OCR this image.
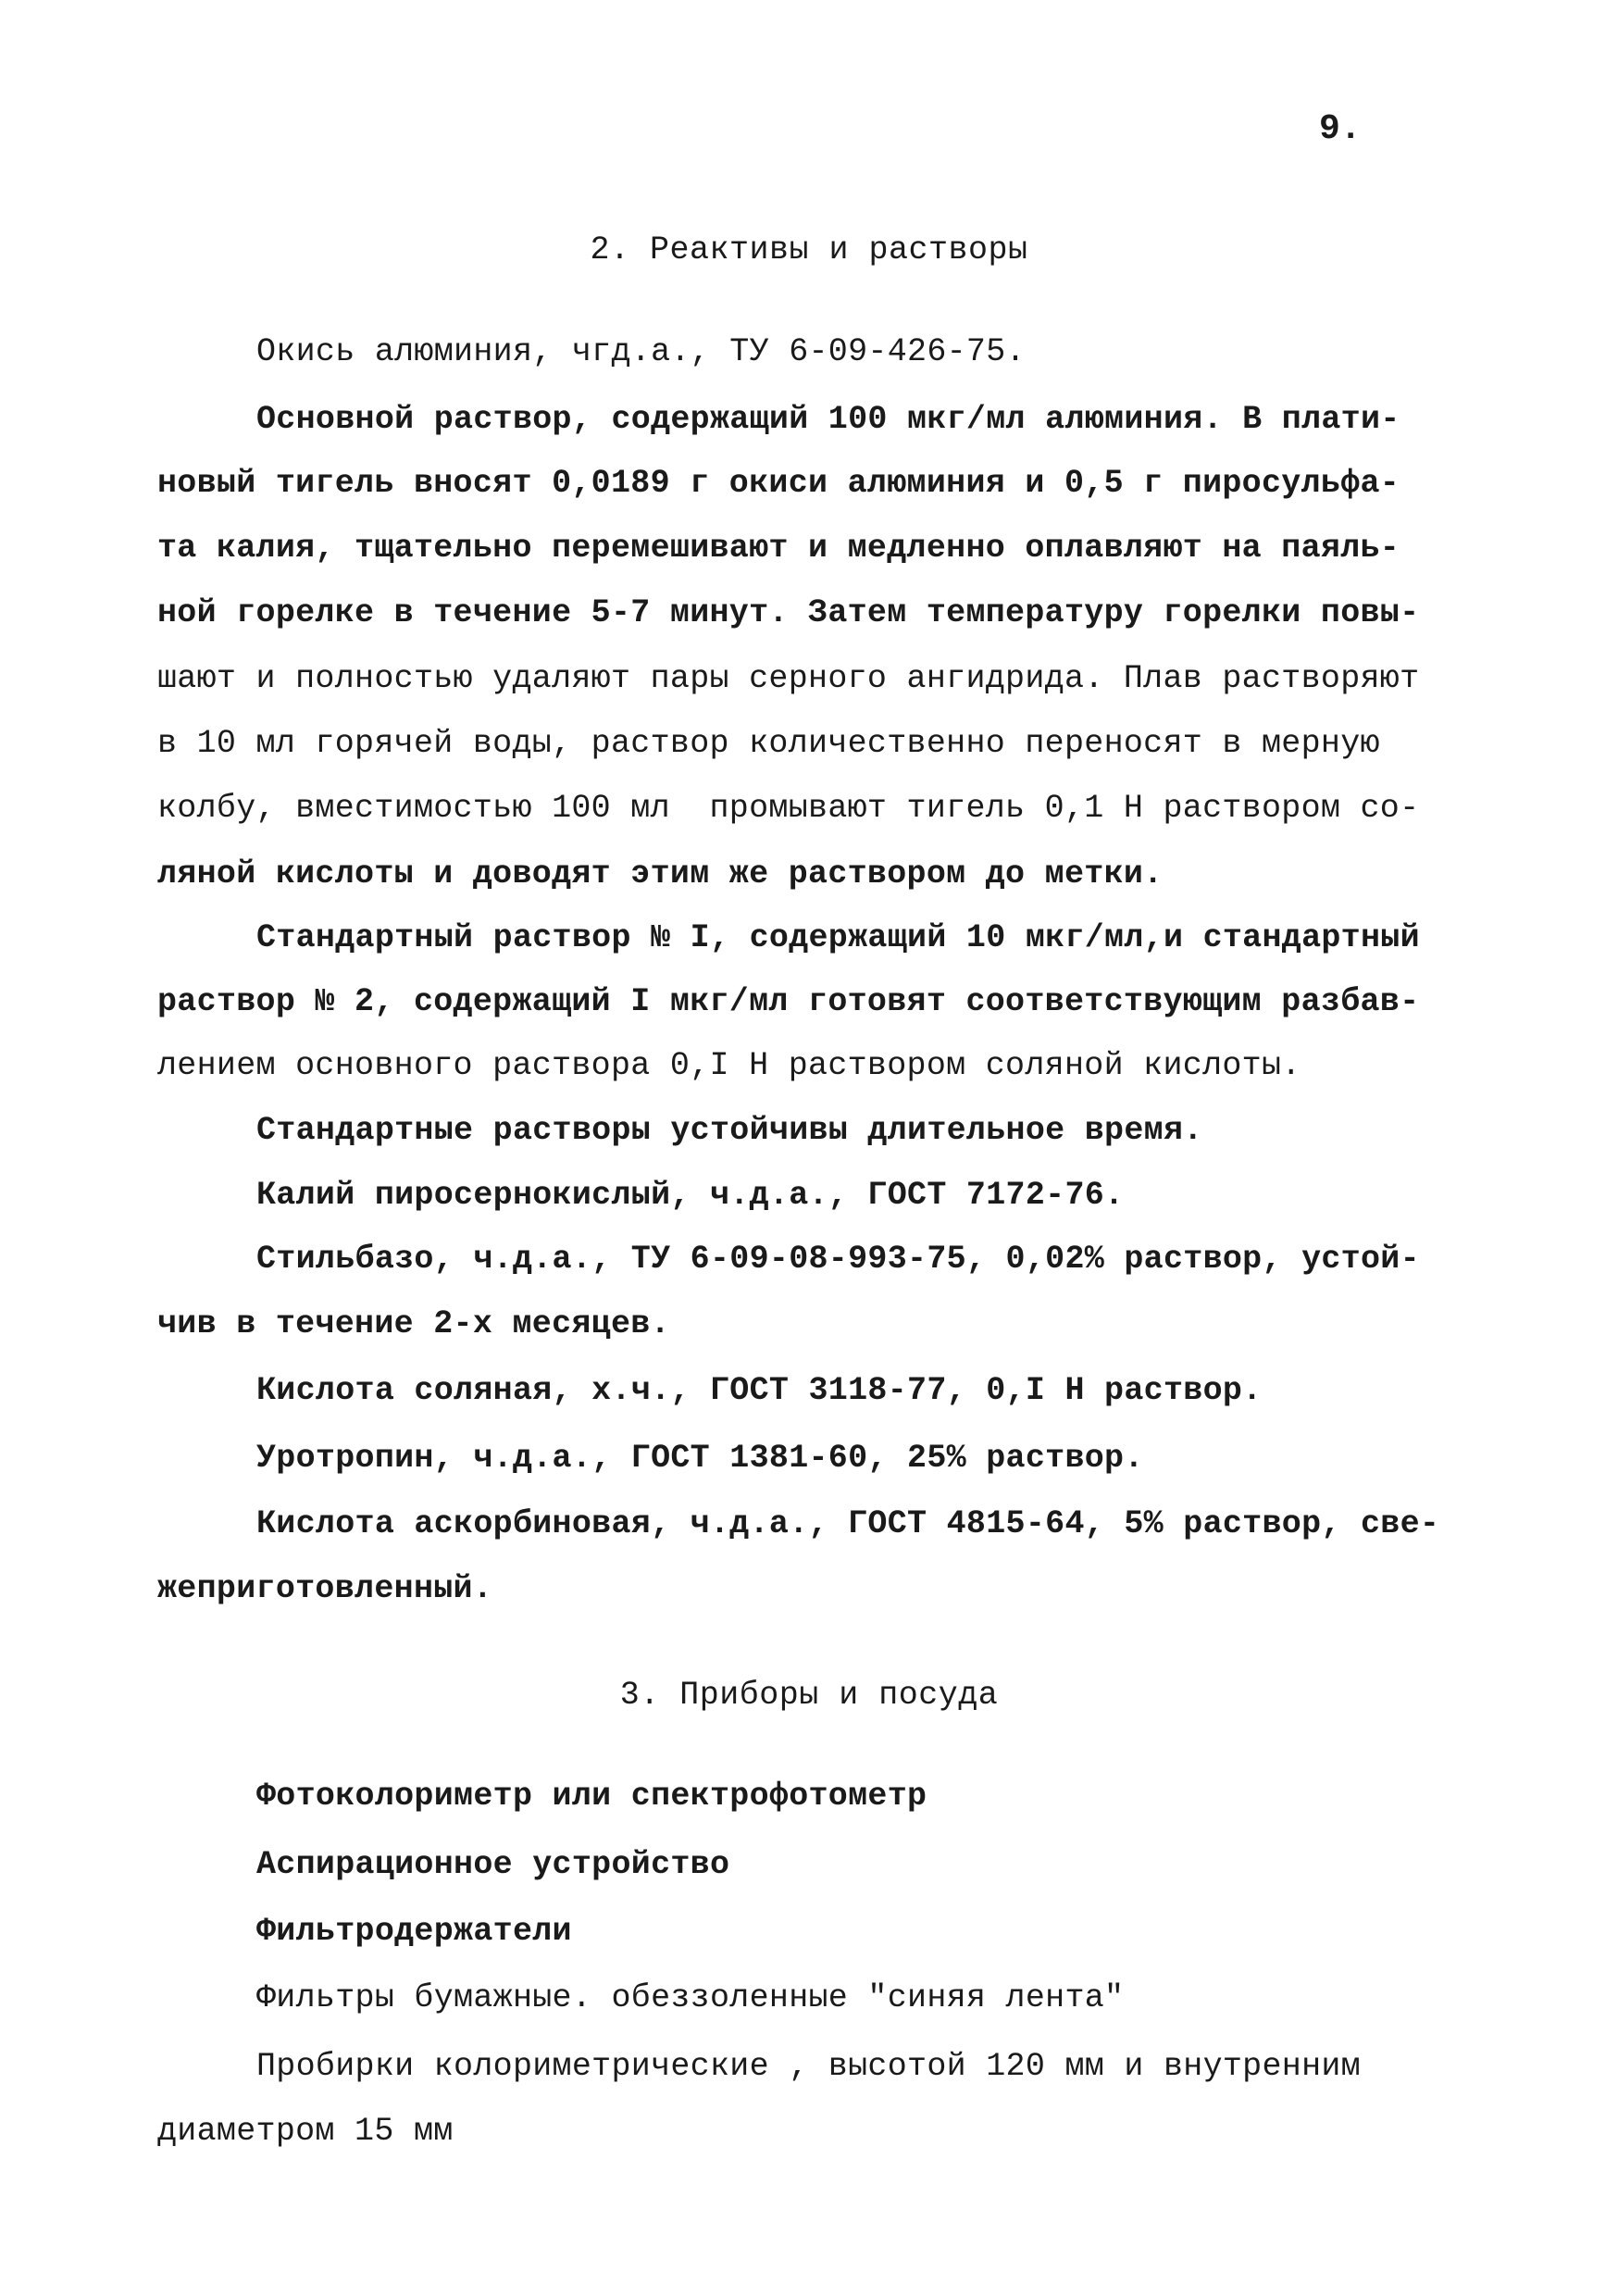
9.
2. Реактивы и растворы
Окись алюминия, чгд.а., ТУ 6-09-426-75.
Основной раствор, содержащий 100 мкг/мл алюминия. В плати-
новый тигель вносят 0,0189 г окиси алюминия и 0,5 г пиросульфа-
та калия, тщательно перемешивают и медленно оплавляют на паяль-
ной горелке в течение 5-7 минут. Затем температуру горелки повы-
шают и полностью удаляют пары серного ангидрида. Плав растворяют
в 10 мл горячей воды, раствор количественно переносят в мерную
колбу, вместимостью 100 мл  промывают тигель 0,1 Н раствором со-
ляной кислоты и доводят этим же раствором до метки.
Стандартный раствор № I, содержащий 10 мкг/мл,и стандартный
раствор № 2, содержащий I мкг/мл готовят соответствующим разбав-
лением основного раствора 0,I Н раствором соляной кислоты.
Стандартные растворы устойчивы длительное время.
Калий пиросернокислый, ч.д.а., ГОСТ 7172-76.
Стильбазо, ч.д.а., ТУ 6-09-08-993-75, 0,02% раствор, устой-
чив в течение 2-х месяцев.
Кислота соляная, х.ч., ГОСТ 3118-77, 0,I Н раствор.
Уротропин, ч.д.а., ГОСТ 1381-60, 25% раствор.
Кислота аскорбиновая, ч.д.а., ГОСТ 4815-64, 5% раствор, све-
жеприготовленный.
3. Приборы и посуда
Фотоколориметр или спектрофотометр
Аспирационное устройство
Фильтродержатели
Фильтры бумажные. обеззоленные "синяя лента"
Пробирки колориметрические , высотой 120 мм и внутренним
диаметром 15 мм
